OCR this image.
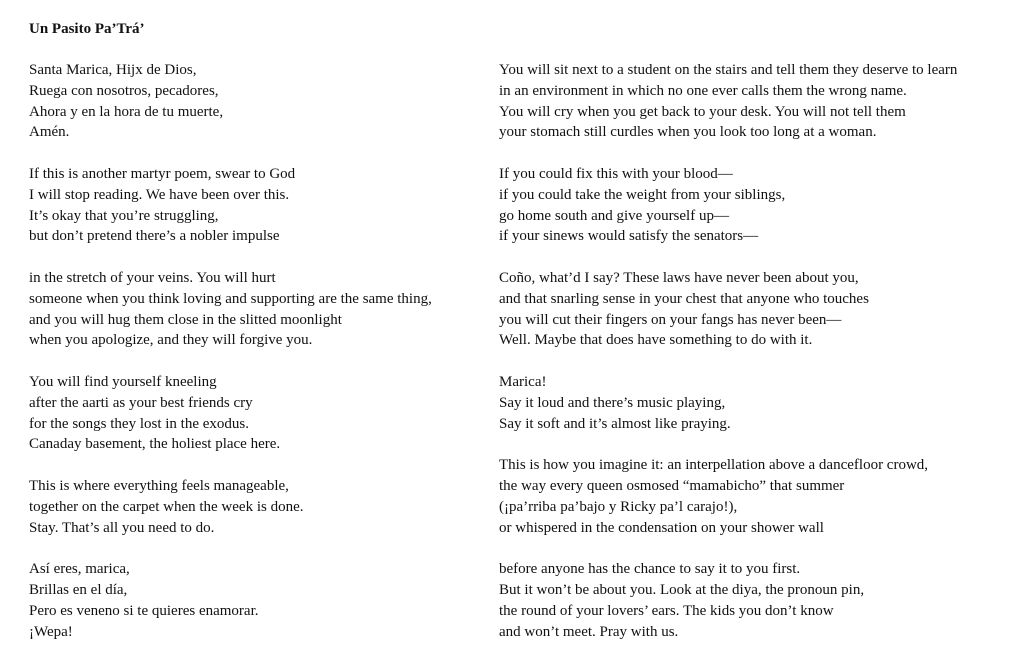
Un Pasito Pa’Trá’
Santa Marica, Hijx de Dios,
Ruega con nosotros, pecadores,
Ahora y en la hora de tu muerte,
Amén.
If this is another martyr poem, swear to God
I will stop reading. We have been over this.
It’s okay that you’re struggling,
but don’t pretend there’s a nobler impulse
in the stretch of your veins. You will hurt
someone when you think loving and supporting are the same thing,
and you will hug them close in the slitted moonlight
when you apologize, and they will forgive you.
You will find yourself kneeling
after the aarti as your best friends cry
for the songs they lost in the exodus.
Canaday basement, the holiest place here.
This is where everything feels manageable,
together on the carpet when the week is done.
Stay. That’s all you need to do.
Así eres, marica,
Brillas en el día,
Pero es veneno si te quieres enamorar.
¡Wepa!
You will sit next to a student on the stairs and tell them they deserve to learn
in an environment in which no one ever calls them the wrong name.
You will cry when you get back to your desk. You will not tell them
your stomach still curdles when you look too long at a woman.
If you could fix this with your blood—
if you could take the weight from your siblings,
go home south and give yourself up—
if your sinews would satisfy the senators—
Coño, what’d I say? These laws have never been about you,
and that snarling sense in your chest that anyone who touches
you will cut their fingers on your fangs has never been—
Well. Maybe that does have something to do with it.
Marica!
Say it loud and there’s music playing,
Say it soft and it’s almost like praying.
This is how you imagine it: an interpellation above a dancefloor crowd,
the way every queen osmosed “mamabicho” that summer
(¡pa’rriba pa’bajo y Ricky pa’l carajo!),
or whispered in the condensation on your shower wall
before anyone has the chance to say it to you first.
But it won’t be about you. Look at the diya, the pronoun pin,
the round of your lovers’ ears. The kids you don’t know
and won’t meet. Pray with us.
